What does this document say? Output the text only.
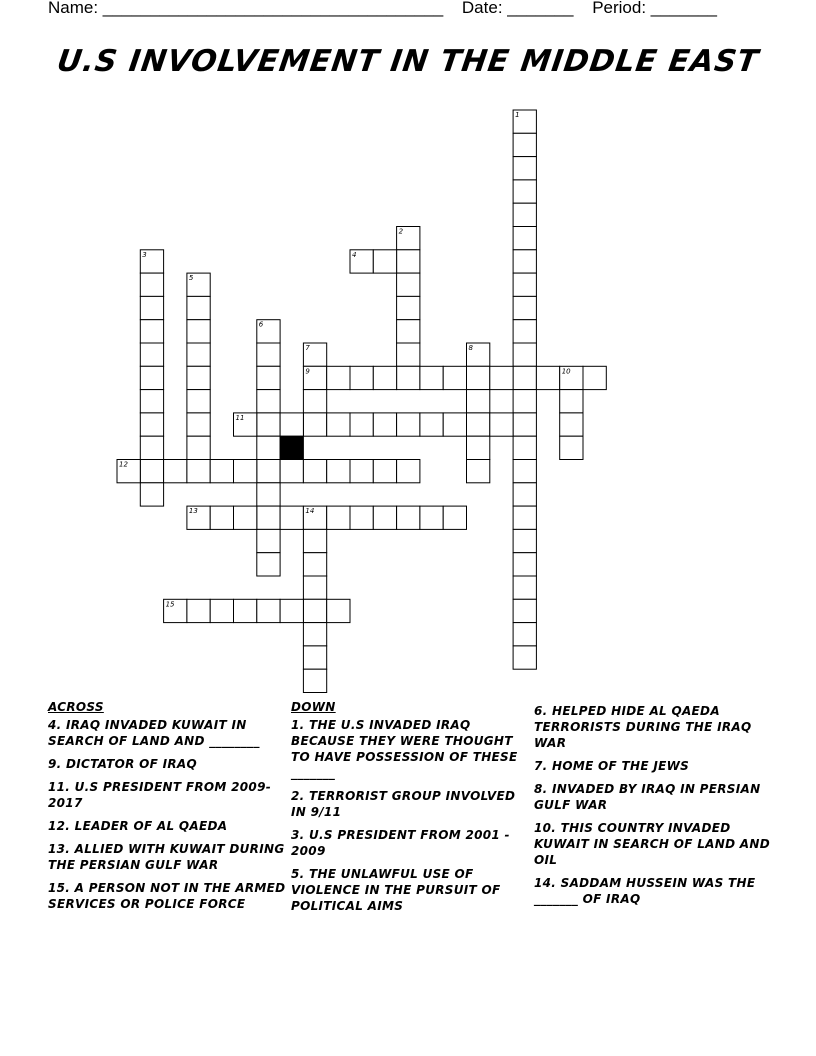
Name: ____________________________________ Date: _______ Period: _______
U.S INVOLVEMENT IN THE MIDDLE EAST
1
2
3	4
5
6
7	8
9	10
11
12
13	14
15
ACROSS
4. IRAQ INVADED KUWAIT IN SEARCH OF LAND AND ________
9. DICTATOR OF IRAQ
11. U.S PRESIDENT FROM 2009-2017
12. LEADER OF AL QAEDA
13. ALLIED WITH KUWAIT DURING THE PERSIAN GULF WAR
15. A PERSON NOT IN THE ARMED SERVICES OR POLICE FORCE
DOWN
1. THE U.S INVADED IRAQ BECAUSE THEY WERE THOUGHT TO HAVE POSSESSION OF THESE _______
2. TERRORIST GROUP INVOLVED IN 9/11
3. U.S PRESIDENT FROM 2001 - 2009
5. THE UNLAWFUL USE OF VIOLENCE IN THE PURSUIT OF POLITICAL AIMS
6. HELPED HIDE AL QAEDA TERRORISTS DURING THE IRAQ WAR
7. HOME OF THE JEWS
8. INVADED BY IRAQ IN PERSIAN GULF WAR
10. THIS COUNTRY INVADED KUWAIT IN SEARCH OF LAND AND OIL
14. SADDAM HUSSEIN WAS THE _______ OF IRAQ
